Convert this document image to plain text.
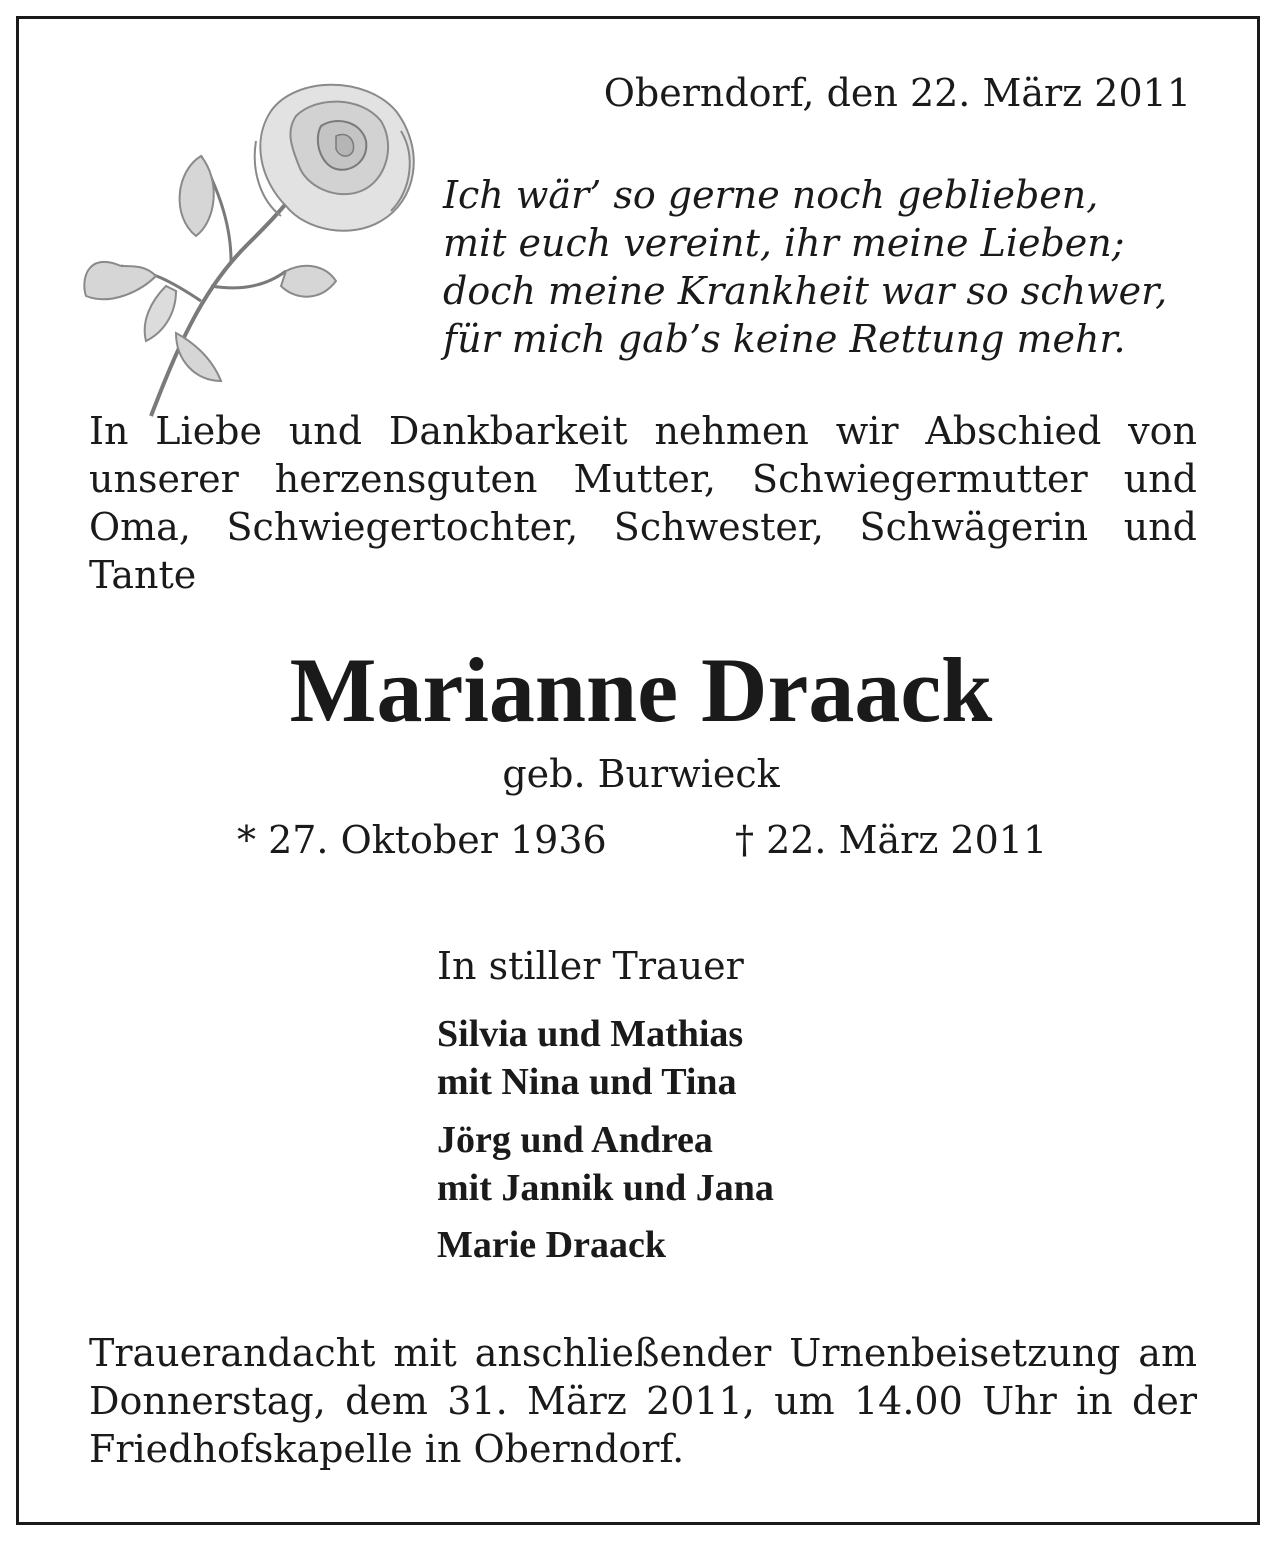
Oberndorf, den 22. März 2011

Ich wär’ so gerne noch geblieben,
mit euch vereint, ihr meine Lieben;
doch meine Krankheit war so schwer,
für mich gab’s keine Rettung mehr.

In Liebe und Dankbarkeit nehmen wir Abschied von unserer herzensguten Mutter, Schwiegermutter und Oma, Schwiegertochter, Schwester, Schwägerin und Tante

Marianne Draack

geb. Burwieck

* 27. Oktober 1936	† 22. März 2011

In stiller Trauer

Silvia und Mathias
mit Nina und Tina
Jörg und Andrea
mit Jannik und Jana
Marie Draack

Trauerandacht mit anschließender Urnenbeisetzung am Donnerstag, dem 31. März 2011, um 14.00 Uhr in der Friedhofskapelle in Oberndorf.
